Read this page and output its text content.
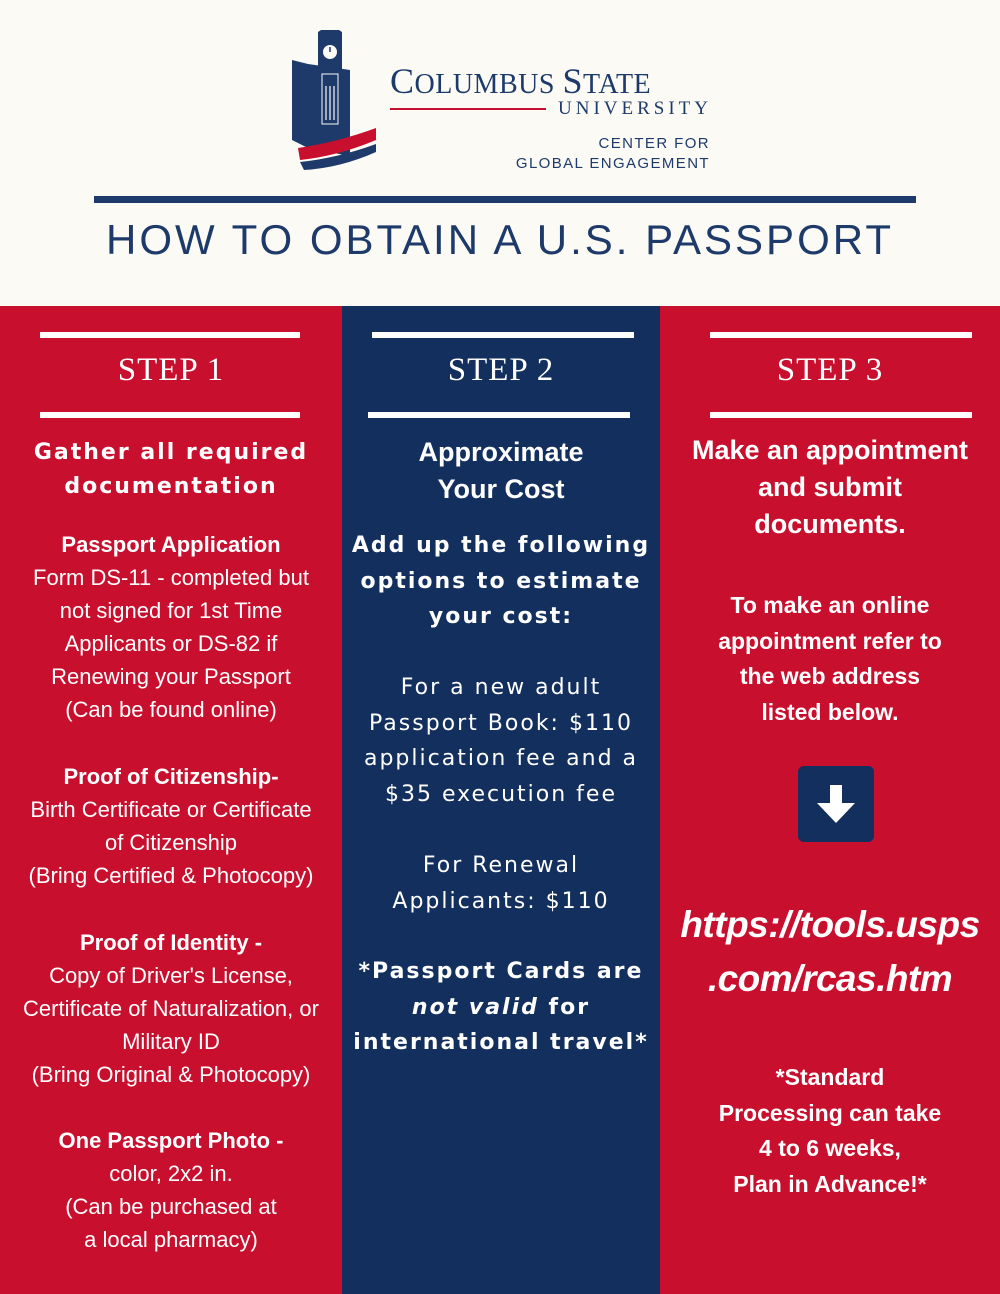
COLUMBUS STATE
UNIVERSITY
CENTER FOR
GLOBAL ENGAGEMENT
HOW TO OBTAIN A U.S. PASSPORT
STEP 1
Gather all required
documentation
Passport Application
Form DS-11 - completed but
not signed for 1st Time
Applicants or DS-82 if
Renewing your Passport
(Can be found online)
Proof of Citizenship-
Birth Certificate or Certificate
of Citizenship
(Bring Certified & Photocopy)
Proof of Identity -
Copy of Driver's License,
Certificate of Naturalization, or
Military ID
(Bring Original & Photocopy)
One Passport Photo -
color, 2x2 in.
(Can be purchased at
a local pharmacy)
STEP 2
Approximate
Your Cost
Add up the following
options to estimate
your cost:
For a new adult
Passport Book: $110
application fee and a
$35 execution fee
For Renewal
Applicants: $110
*Passport Cards are
not valid for
international travel*
STEP 3
Make an appointment
and submit
documents.
To make an online
appointment refer to
the web address
listed below.
https://tools.usps
.com/rcas.htm
*Standard
Processing can take
4 to 6 weeks,
Plan in Advance!*
